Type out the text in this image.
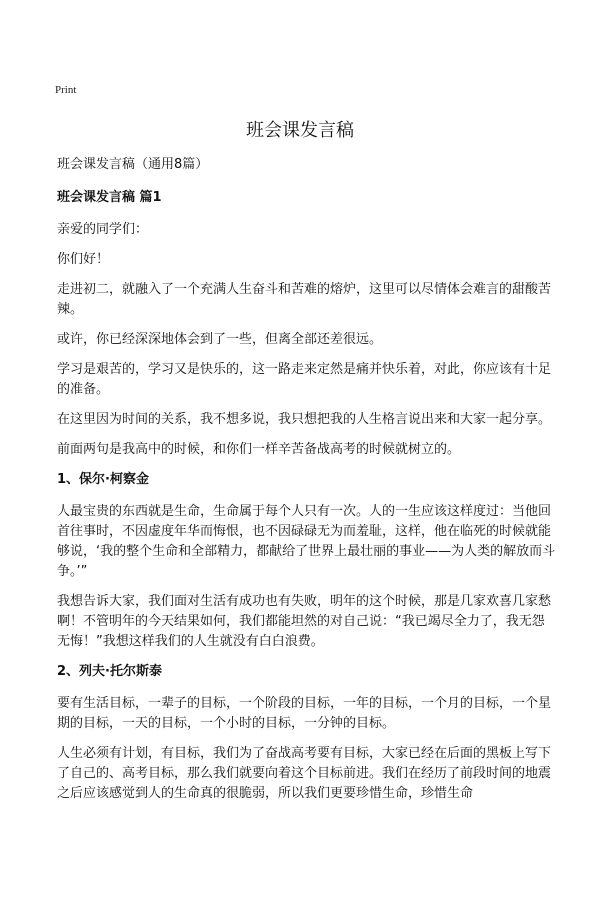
Print
班会课发言稿

班会课发言稿（通用8篇）

班会课发言稿 篇1

亲爱的同学们：

你们好！

走进初二，就融入了一个充满人生奋斗和苦难的熔炉，这里可以尽情体会难言的甜酸苦辣。

或许，你已经深深地体会到了一些，但离全部还差很远。

学习是艰苦的，学习又是快乐的，这一路走来定然是痛并快乐着，对此，你应该有十足的准备。

在这里因为时间的关系，我不想多说，我只想把我的人生格言说出来和大家一起分享。

前面两句是我高中的时候，和你们一样辛苦备战高考的时候就树立的。

1、保尔·柯察金

人最宝贵的东西就是生命，生命属于每个人只有一次。人的一生应该这样度过：当他回首往事时，不因虚度年华而悔恨，也不因碌碌无为而羞耻，这样，他在临死的时候就能够说，‘我的整个生命和全部精力，都献给了世界上最壮丽的事业——为人类的解放而斗争。’”

我想告诉大家，我们面对生活有成功也有失败，明年的这个时候，那是几家欢喜几家愁啊！不管明年的今天结果如何，我们都能坦然的对自己说：“我已竭尽全力了，我无怨无悔！”我想这样我们的人生就没有白白浪费。

2、列夫·托尔斯泰

要有生活目标，一辈子的目标，一个阶段的目标，一年的目标，一个月的目标，一个星期的目标，一天的目标，一个小时的目标，一分钟的目标。

人生必须有计划，有目标，我们为了奋战高考要有目标，大家已经在后面的黑板上写下了自己的、高考目标，那么我们就要向着这个目标前进。我们在经历了前段时间的地震之后应该感觉到人的生命真的很脆弱，所以我们更要珍惜生命，珍惜生命
